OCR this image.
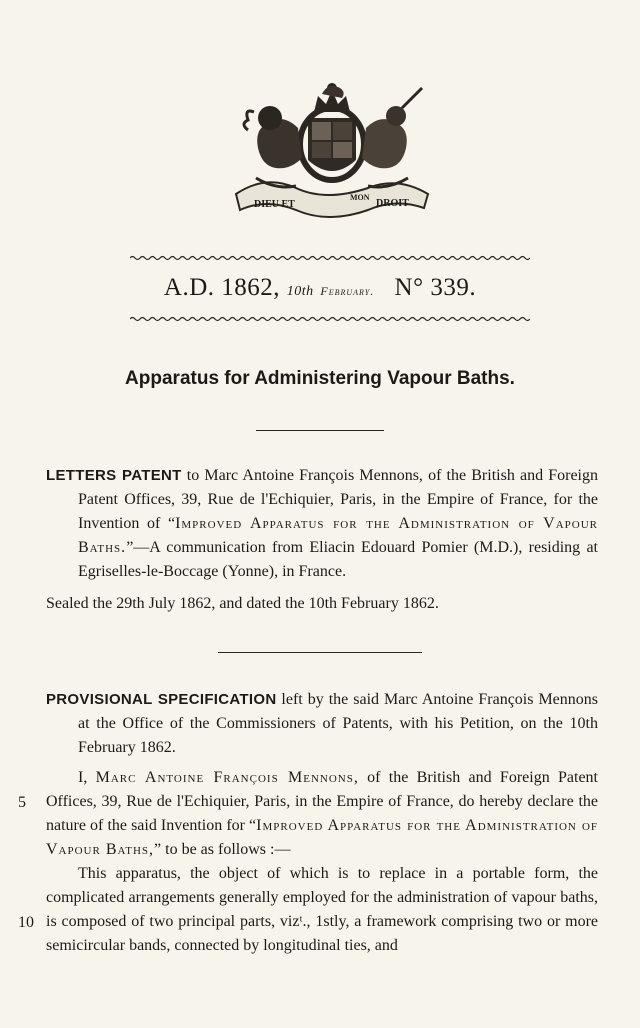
DIEU ET
MON
DROIT
A.D. 1862, 10th February. N° 339.
Apparatus for Administering Vapour Baths.
LETTERS PATENT to Marc Antoine François Mennons, of the British and Foreign Patent Offices, 39, Rue de l'Echiquier, Paris, in the Empire of France, for the Invention of “Improved Apparatus for the Administration of Vapour Baths.”—A communication from Eliacin Edouard Pomier (M.D.), residing at Egriselles-le-Boccage (Yonne), in France.
Sealed the 29th July 1862, and dated the 10th February 1862.
PROVISIONAL SPECIFICATION left by the said Marc Antoine François Mennons at the Office of the Commissioners of Patents, with his Petition, on the 10th February 1862.
I, Marc Antoine François Mennons, of the British and Foreign Patent Offices, 39, Rue de l'Echiquier, Paris, in the Empire of France, do hereby declare the nature of the said Invention for “Improved Apparatus for the Administration of Vapour Baths,” to be as follows :—
This apparatus, the object of which is to replace in a portable form, the complicated arrangements generally employed for the administration of vapour baths, is composed of two principal parts, vizᵗ., 1stly, a framework comprising two or more semicircular bands, connected by longitudinal ties, and
5
10
